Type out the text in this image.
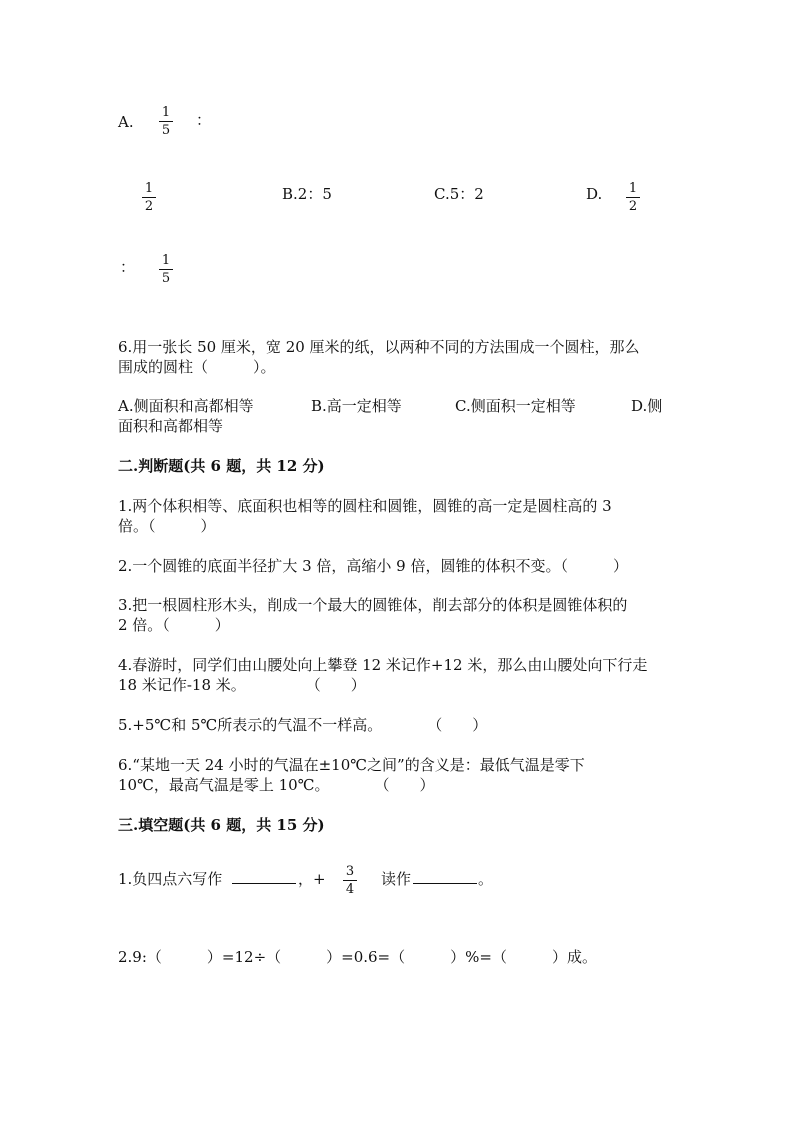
A.
1
5
：
1
2
B.2：5	C.5：2	D. 1
2
： 1
5
6.用一张长 50 厘米，宽 20 厘米的纸，以两种不同的方法围成一个圆柱，那么
围成的圆柱（　　　）。
A.侧面积和高都相等	B.高一定相等	C.侧面积一定相等	D.侧
面积和高都相等
二.判断题(共 6 题，共 12 分)
1.两个体积相等、底面积也相等的圆柱和圆锥，圆锥的高一定是圆柱高的 3
倍。（　　　）
2.一个圆锥的底面半径扩大 3 倍，高缩小 9 倍，圆锥的体积不变。（　　　）
3.把一根圆柱形木头，削成一个最大的圆锥体，削去部分的体积是圆锥体积的
2 倍。（　　　）
4.春游时，同学们由山腰处向上攀登 12 米记作+12 米，那么由山腰处向下行走
18 米记作-18 米。　　　　　（　　）
5.+5℃和 5℃所表示的气温不一样高。　　　　（　　）
6.“某地一天 24 小时的气温在±10℃之间”的含义是：最低气温是零下
10℃，最高气温是零上 10℃。　　　　（　　）
三.填空题(共 6 题，共 15 分)
1.负四点六写作	，+ 3
4
读作	。
2.9:（　　　）=12÷（　　　）=0.6=（　　　）%=（　　　）成。
